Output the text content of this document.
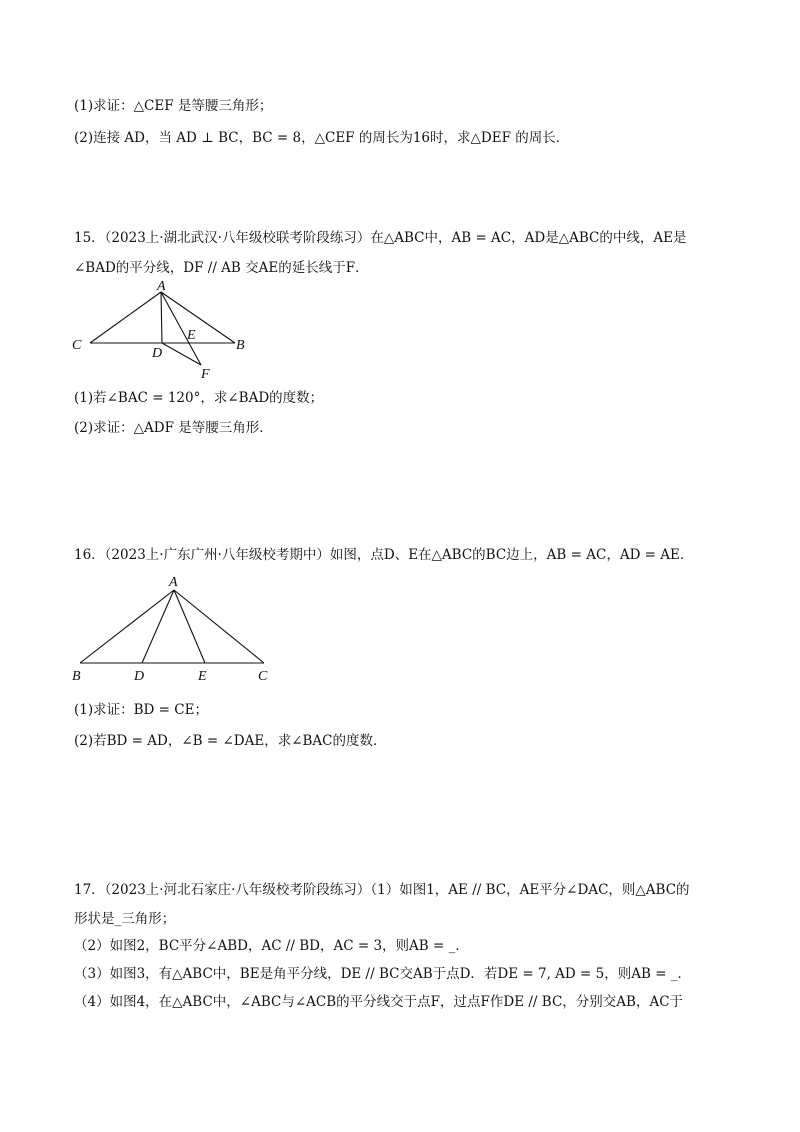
(1)求证：△CEF 是等腰三角形；
(2)连接 AD，当 AD ⊥ BC，BC = 8，△CEF 的周长为16时，求△DEF 的周长．
15．（2023上·湖北武汉·八年级校联考阶段练习）在△ABC中，AB = AC，AD是△ABC的中线，AE是
∠BAD的平分线，DF // AB 交AE的延长线于F．
A
C	B
D
E
F
(1)若∠BAC = 120°，求∠BAD的度数；
(2)求证：△ADF 是等腰三角形．
16．（2023上·广东广州·八年级校考期中）如图，点D、E在△ABC的BC边上，AB = AC，AD = AE．
A
B	D	E	C
(1)求证：BD = CE；
(2)若BD = AD，∠B = ∠DAE，求∠BAC的度数．
17．（2023上·河北石家庄·八年级校考阶段练习）（1）如图1，AE // BC，AE平分∠DAC，则△ABC的
形状是_三角形；
（2）如图2，BC平分∠ABD，AC // BD，AC = 3，则AB = _．
（3）如图3，有△ABC中，BE是角平分线，DE // BC交AB于点D．若DE = 7, AD = 5，则AB = _．
（4）如图4，在△ABC中，∠ABC与∠ACB的平分线交于点F，过点F作DE // BC，分别交AB，AC于
